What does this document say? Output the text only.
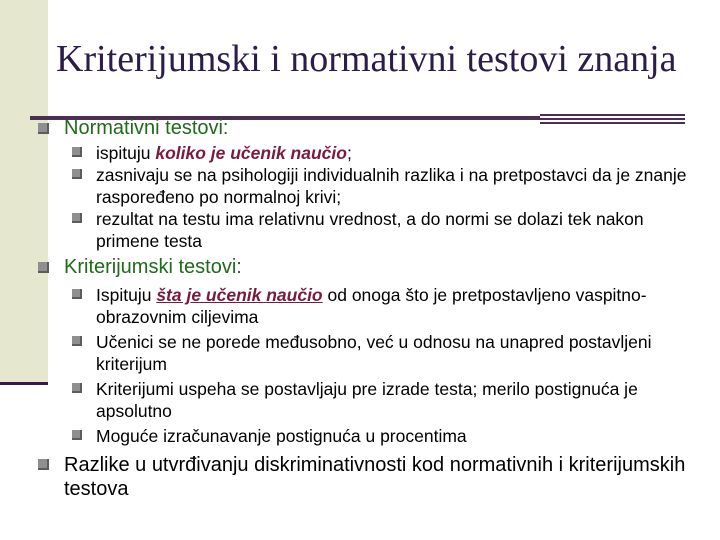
Kriterijumski i normativni testovi znanja
Normativni testovi:
ispituju koliko je učenik naučio;
zasnivaju se na psihologiji individualnih razlika i na pretpostavci da je znanje raspoređeno po normalnoj krivi;
rezultat na testu ima relativnu vrednost, a do normi se dolazi tek nakon primene testa
Kriterijumski testovi:
Ispituju šta je učenik naučio od onoga što je pretpostavljeno vaspitno-obrazovnim ciljevima
Učenici se ne porede međusobno, već u odnosu na unapred postavljeni kriterijum
Kriterijumi uspeha se postavljaju pre izrade testa; merilo postignuća je apsolutno
Moguće izračunavanje postignuća u procentima
Razlike u utvrđivanju diskriminativnosti kod normativnih i kriterijumskih testova
